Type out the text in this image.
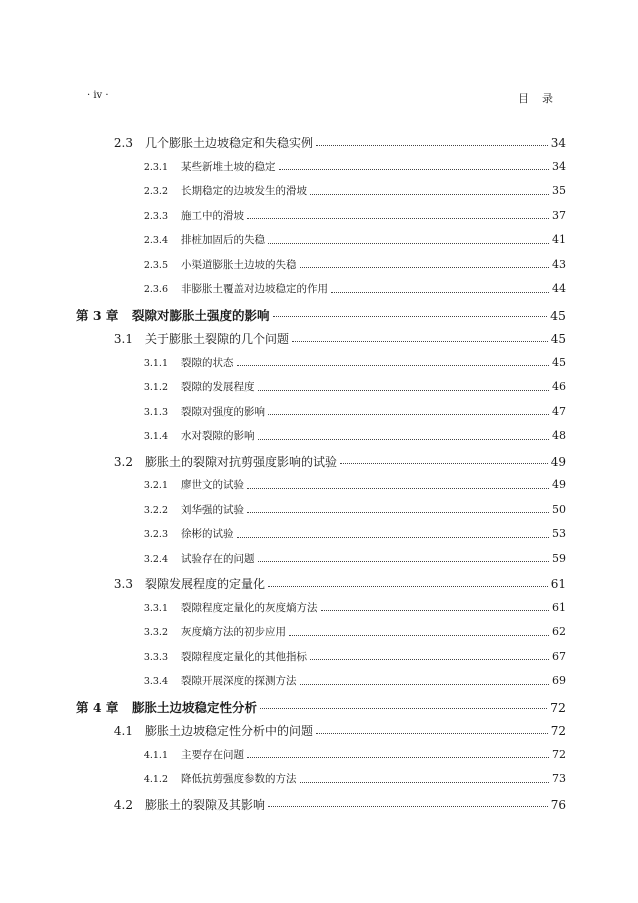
· iv ·	目录
2.3	几个膨胀土边坡稳定和失稳实例	34
2.3.1	某些新堆土坡的稳定	34
2.3.2	长期稳定的边坡发生的滑坡	35
2.3.3	施工中的滑坡	37
2.3.4	排桩加固后的失稳	41
2.3.5	小渠道膨胀土边坡的失稳	43
2.3.6	非膨胀土覆盖对边坡稳定的作用	44
第 3 章	裂隙对膨胀土强度的影响	45
3.1	关于膨胀土裂隙的几个问题	45
3.1.1	裂隙的状态	45
3.1.2	裂隙的发展程度	46
3.1.3	裂隙对强度的影响	47
3.1.4	水对裂隙的影响	48
3.2	膨胀土的裂隙对抗剪强度影响的试验	49
3.2.1	廖世文的试验	49
3.2.2	刘华强的试验	50
3.2.3	徐彬的试验	53
3.2.4	试验存在的问题	59
3.3	裂隙发展程度的定量化	61
3.3.1	裂隙程度定量化的灰度熵方法	61
3.3.2	灰度熵方法的初步应用	62
3.3.3	裂隙程度定量化的其他指标	67
3.3.4	裂隙开展深度的探测方法	69
第 4 章	膨胀土边坡稳定性分析	72
4.1	膨胀土边坡稳定性分析中的问题	72
4.1.1	主要存在问题	72
4.1.2	降低抗剪强度参数的方法	73
4.2	膨胀土的裂隙及其影响	76
